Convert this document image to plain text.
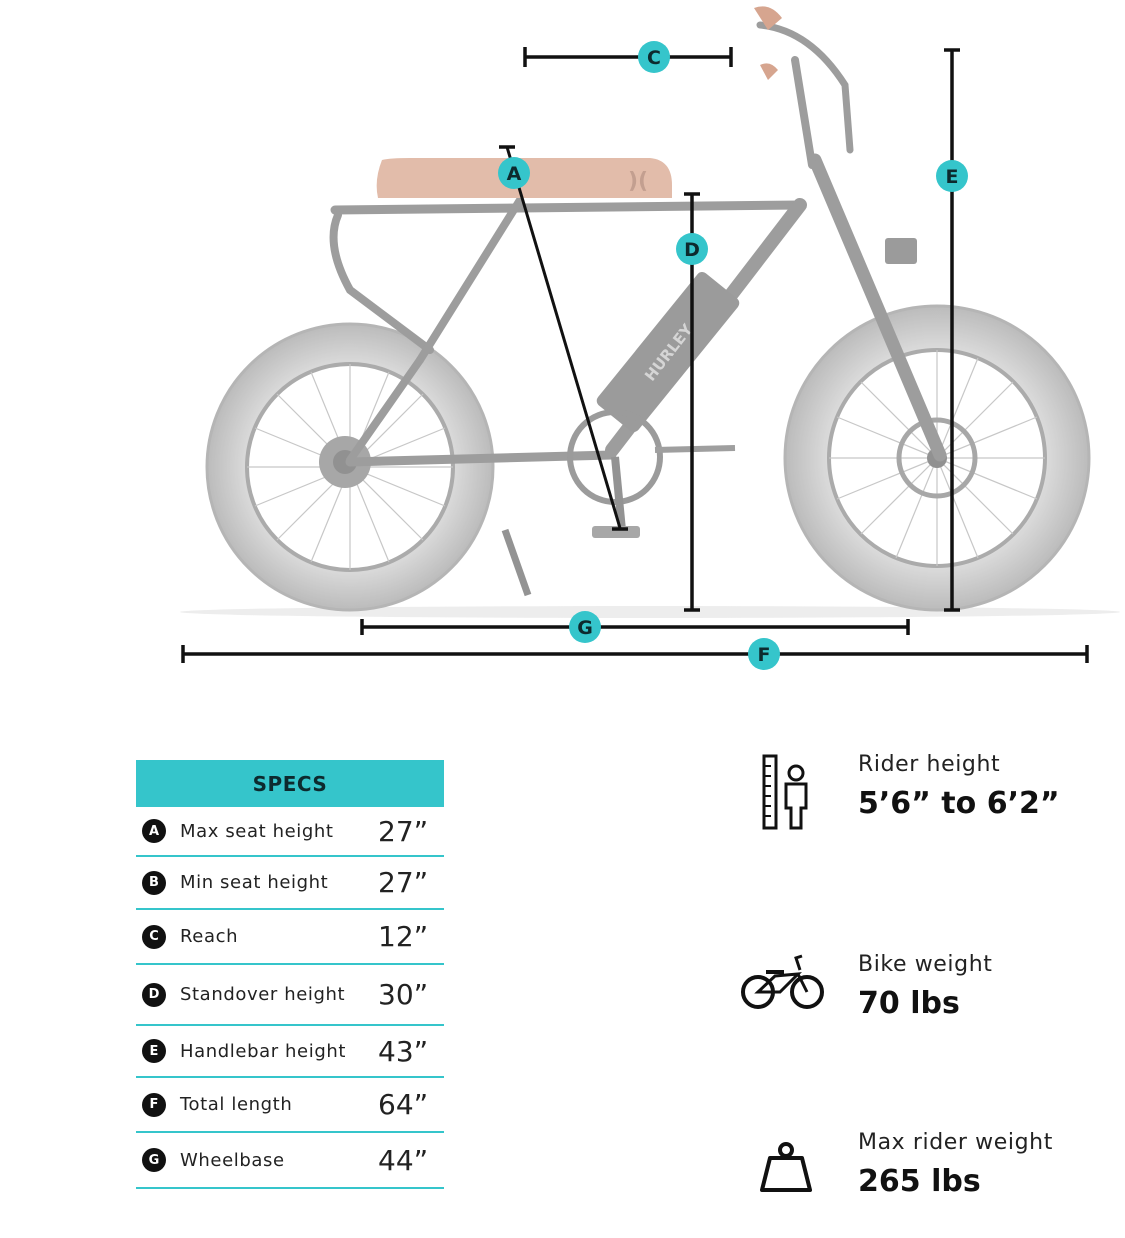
HURLEY
)(
A
C
D
E
F
G
SPECS
A	Max seat height 27”
B	Min seat height 27”
C	Reach	12”
D	Standover height 30”
E	Handlebar height 43”
F	Total length	64”
G	Wheelbase	44”
Rider height
5’6” to 6’2”
Bike weight
70 lbs
Max rider weight
265 lbs
